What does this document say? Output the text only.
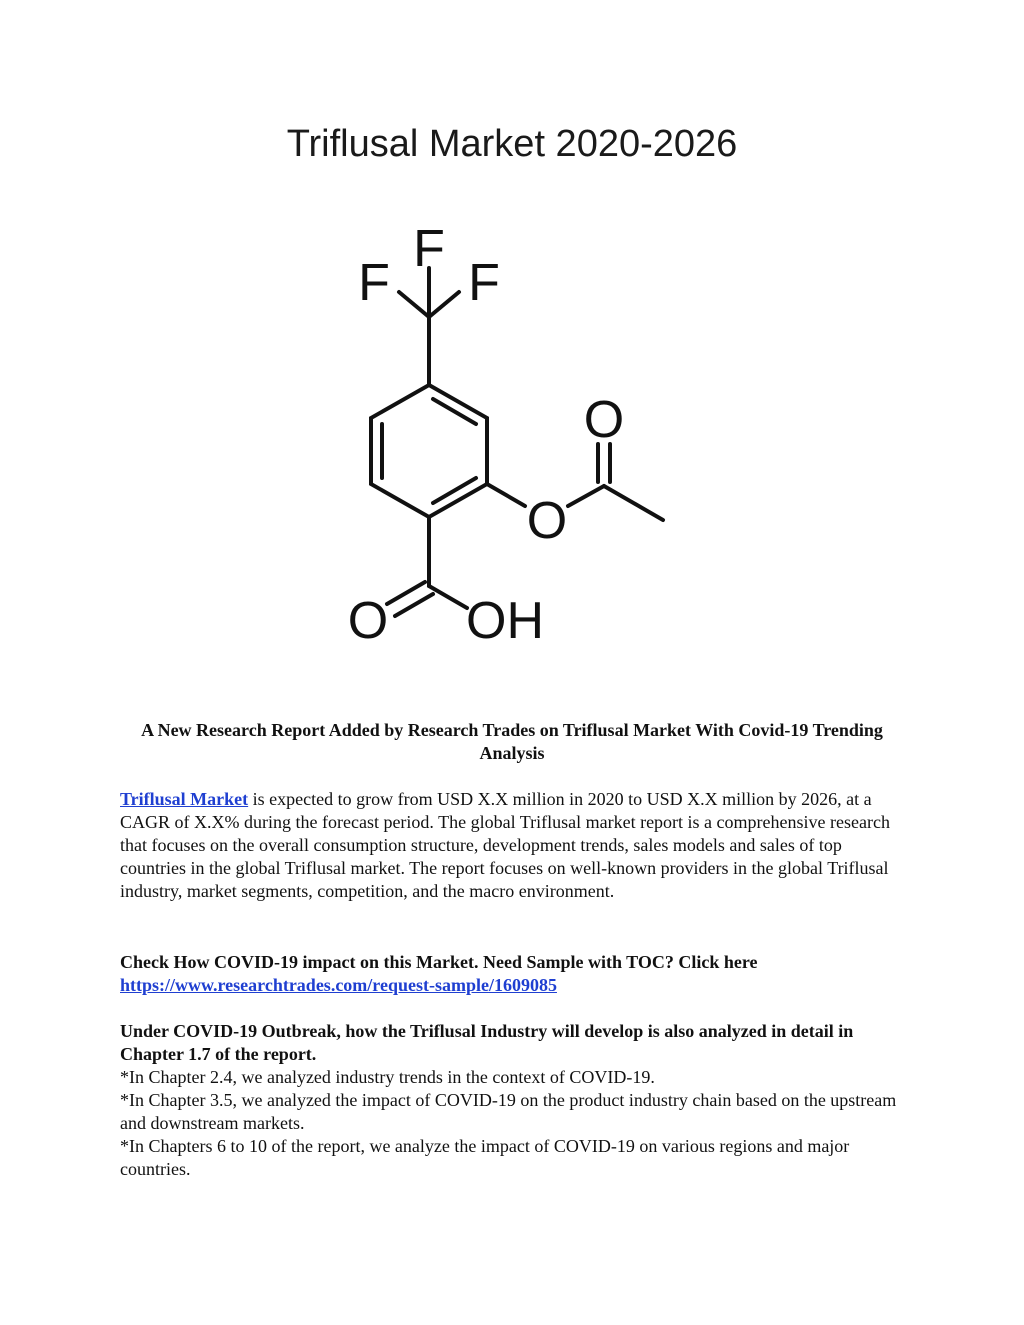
Triflusal Market 2020-2026
F
F F
O
O
O OH

A New Research Report Added by Research Trades on Triflusal Market With Covid-19 Trending Analysis

Triflusal Market is expected to grow from USD X.X million in 2020 to USD X.X million by 2026, at a CAGR of X.X% during the forecast period. The global Triflusal market report is a comprehensive research that focuses on the overall consumption structure, development trends, sales models and sales of top countries in the global Triflusal market. The report focuses on well-known providers in the global Triflusal industry, market segments, competition, and the macro environment.

Check How COVID-19 impact on this Market. Need Sample with TOC? Click here
https://www.researchtrades.com/request-sample/1609085

Under COVID-19 Outbreak, how the Triflusal Industry will develop is also analyzed in detail in Chapter 1.7 of the report.
*In Chapter 2.4, we analyzed industry trends in the context of COVID-19.
*In Chapter 3.5, we analyzed the impact of COVID-19 on the product industry chain based on the upstream and downstream markets.
*In Chapters 6 to 10 of the report, we analyze the impact of COVID-19 on various regions and major countries.
